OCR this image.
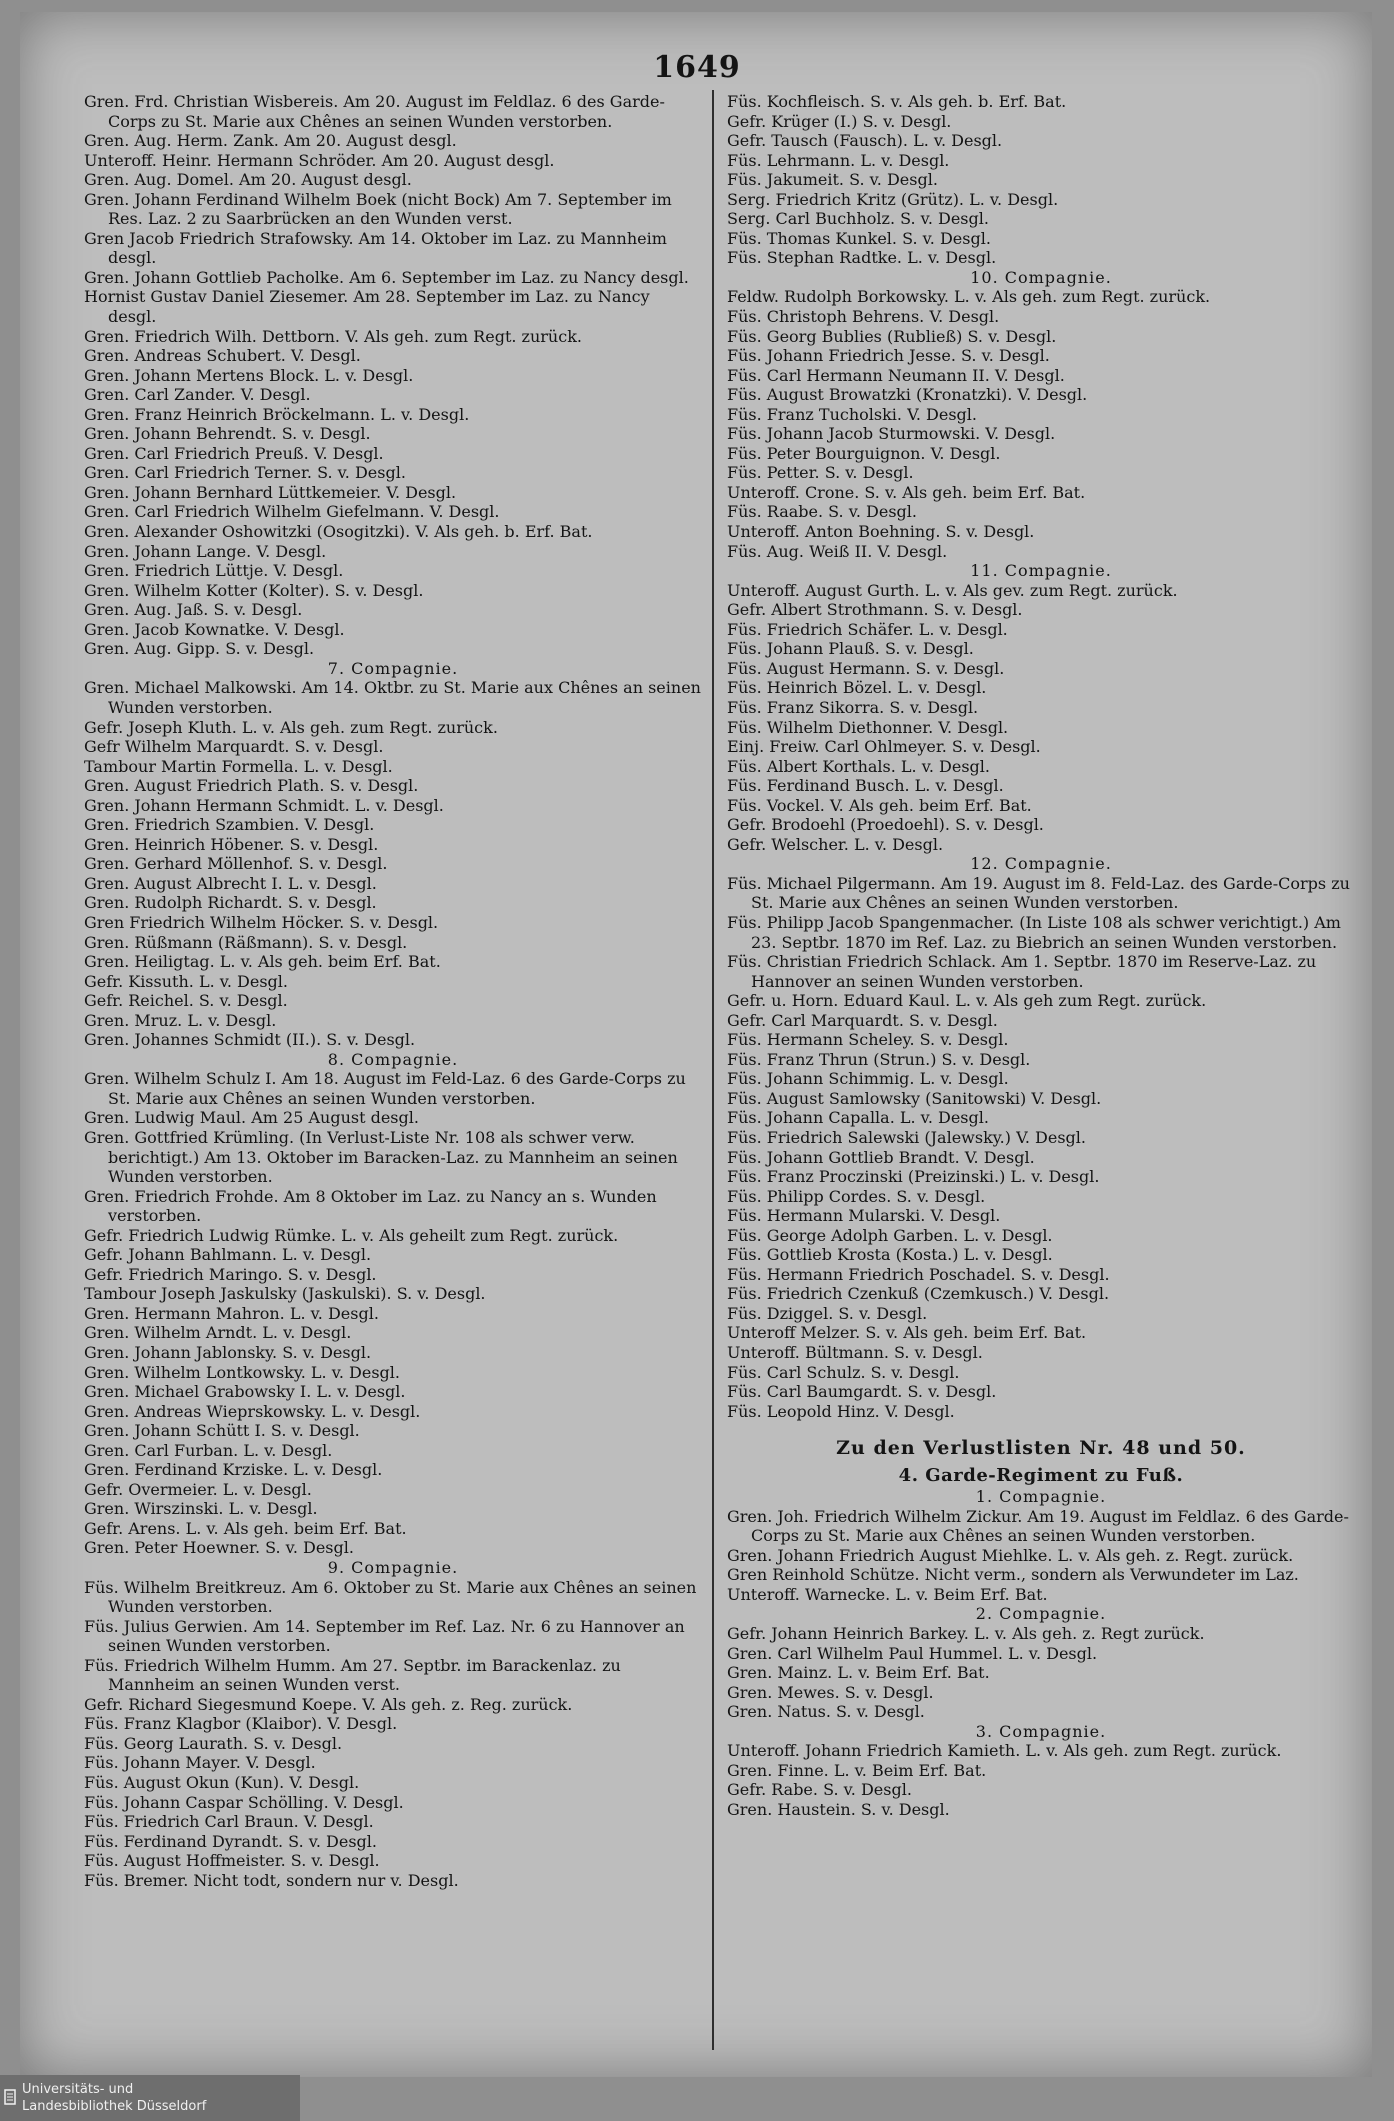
1649
Gren. Frd. Christian Wisbereis. Am 20. August im Feldlaz. 6 des Garde-Corps zu St. Marie aux Chênes an seinen Wunden verstorben.
Gren. Aug. Herm. Zank. Am 20. August desgl.
Unteroff. Heinr. Hermann Schröder. Am 20. August desgl.
Gren. Aug. Domel. Am 20. August desgl.
Gren. Johann Ferdinand Wilhelm Boek (nicht Bock) Am 7. September im Res. Laz. 2 zu Saarbrücken an den Wunden verst.
Gren Jacob Friedrich Strafowsky. Am 14. Oktober im Laz. zu Mannheim desgl.
Gren. Johann Gottlieb Pacholke. Am 6. September im Laz. zu Nancy desgl.
Hornist Gustav Daniel Ziesemer. Am 28. September im Laz. zu Nancy desgl.
Gren. Friedrich Wilh. Dettborn. V. Als geh. zum Regt. zurück.
Gren. Andreas Schubert. V. Desgl.
Gren. Johann Mertens Block. L. v. Desgl.
Gren. Carl Zander. V. Desgl.
Gren. Franz Heinrich Bröckelmann. L. v. Desgl.
Gren. Johann Behrendt. S. v. Desgl.
Gren. Carl Friedrich Preuß. V. Desgl.
Gren. Carl Friedrich Terner. S. v. Desgl.
Gren. Johann Bernhard Lüttkemeier. V. Desgl.
Gren. Carl Friedrich Wilhelm Giefelmann. V. Desgl.
Gren. Alexander Oshowitzki (Osogitzki). V. Als geh. b. Erf. Bat.
Gren. Johann Lange. V. Desgl.
Gren. Friedrich Lüttje. V. Desgl.
Gren. Wilhelm Kotter (Kolter). S. v. Desgl.
Gren. Aug. Jaß. S. v. Desgl.
Gren. Jacob Kownatke. V. Desgl.
Gren. Aug. Gipp. S. v. Desgl.
7. Compagnie.
Gren. Michael Malkowski. Am 14. Oktbr. zu St. Marie aux Chênes an seinen Wunden verstorben.
Gefr. Joseph Kluth. L. v. Als geh. zum Regt. zurück.
Gefr Wilhelm Marquardt. S. v. Desgl.
Tambour Martin Formella. L. v. Desgl.
Gren. August Friedrich Plath. S. v. Desgl.
Gren. Johann Hermann Schmidt. L. v. Desgl.
Gren. Friedrich Szambien. V. Desgl.
Gren. Heinrich Höbener. S. v. Desgl.
Gren. Gerhard Möllenhof. S. v. Desgl.
Gren. August Albrecht I. L. v. Desgl.
Gren. Rudolph Richardt. S. v. Desgl.
Gren Friedrich Wilhelm Höcker. S. v. Desgl.
Gren. Rüßmann (Räßmann). S. v. Desgl.
Gren. Heiligtag. L. v. Als geh. beim Erf. Bat.
Gefr. Kissuth. L. v. Desgl.
Gefr. Reichel. S. v. Desgl.
Gren. Mruz. L. v. Desgl.
Gren. Johannes Schmidt (II.). S. v. Desgl.
8. Compagnie.
Gren. Wilhelm Schulz I. Am 18. August im Feld-Laz. 6 des Garde-Corps zu St. Marie aux Chênes an seinen Wunden verstorben.
Gren. Ludwig Maul. Am 25 August desgl.
Gren. Gottfried Krümling. (In Verlust-Liste Nr. 108 als schwer verw. berichtigt.) Am 13. Oktober im Baracken-Laz. zu Mannheim an seinen Wunden verstorben.
Gren. Friedrich Frohde. Am 8 Oktober im Laz. zu Nancy an s. Wunden verstorben.
Gefr. Friedrich Ludwig Rümke. L. v. Als geheilt zum Regt. zurück.
Gefr. Johann Bahlmann. L. v. Desgl.
Gefr. Friedrich Maringo. S. v. Desgl.
Tambour Joseph Jaskulsky (Jaskulski). S. v. Desgl.
Gren. Hermann Mahron. L. v. Desgl.
Gren. Wilhelm Arndt. L. v. Desgl.
Gren. Johann Jablonsky. S. v. Desgl.
Gren. Wilhelm Lontkowsky. L. v. Desgl.
Gren. Michael Grabowsky I. L. v. Desgl.
Gren. Andreas Wieprskowsky. L. v. Desgl.
Gren. Johann Schütt I. S. v. Desgl.
Gren. Carl Furban. L. v. Desgl.
Gren. Ferdinand Krziske. L. v. Desgl.
Gefr. Overmeier. L. v. Desgl.
Gren. Wirszinski. L. v. Desgl.
Gefr. Arens. L. v. Als geh. beim Erf. Bat.
Gren. Peter Hoewner. S. v. Desgl.
9. Compagnie.
Füs. Wilhelm Breitkreuz. Am 6. Oktober zu St. Marie aux Chênes an seinen Wunden verstorben.
Füs. Julius Gerwien. Am 14. September im Ref. Laz. Nr. 6 zu Hannover an seinen Wunden verstorben.
Füs. Friedrich Wilhelm Humm. Am 27. Septbr. im Barackenlaz. zu Mannheim an seinen Wunden verst.
Gefr. Richard Siegesmund Koepe. V. Als geh. z. Reg. zurück.
Füs. Franz Klagbor (Klaibor). V. Desgl.
Füs. Georg Laurath. S. v. Desgl.
Füs. Johann Mayer. V. Desgl.
Füs. August Okun (Kun). V. Desgl.
Füs. Johann Caspar Schölling. V. Desgl.
Füs. Friedrich Carl Braun. V. Desgl.
Füs. Ferdinand Dyrandt. S. v. Desgl.
Füs. August Hoffmeister. S. v. Desgl.
Füs. Bremer. Nicht todt, sondern nur v. Desgl.
Füs. Kochfleisch. S. v. Als geh. b. Erf. Bat.
Gefr. Krüger (I.) S. v. Desgl.
Gefr. Tausch (Fausch). L. v. Desgl.
Füs. Lehrmann. L. v. Desgl.
Füs. Jakumeit. S. v. Desgl.
Serg. Friedrich Kritz (Grütz). L. v. Desgl.
Serg. Carl Buchholz. S. v. Desgl.
Füs. Thomas Kunkel. S. v. Desgl.
Füs. Stephan Radtke. L. v. Desgl.
10. Compagnie.
Feldw. Rudolph Borkowsky. L. v. Als geh. zum Regt. zurück.
Füs. Christoph Behrens. V. Desgl.
Füs. Georg Bublies (Rubließ) S. v. Desgl.
Füs. Johann Friedrich Jesse. S. v. Desgl.
Füs. Carl Hermann Neumann II. V. Desgl.
Füs. August Browatzki (Kronatzki). V. Desgl.
Füs. Franz Tucholski. V. Desgl.
Füs. Johann Jacob Sturmowski. V. Desgl.
Füs. Peter Bourguignon. V. Desgl.
Füs. Petter. S. v. Desgl.
Unteroff. Crone. S. v. Als geh. beim Erf. Bat.
Füs. Raabe. S. v. Desgl.
Unteroff. Anton Boehning. S. v. Desgl.
Füs. Aug. Weiß II. V. Desgl.
11. Compagnie.
Unteroff. August Gurth. L. v. Als gev. zum Regt. zurück.
Gefr. Albert Strothmann. S. v. Desgl.
Füs. Friedrich Schäfer. L. v. Desgl.
Füs. Johann Plauß. S. v. Desgl.
Füs. August Hermann. S. v. Desgl.
Füs. Heinrich Bözel. L. v. Desgl.
Füs. Franz Sikorra. S. v. Desgl.
Füs. Wilhelm Diethonner. V. Desgl.
Einj. Freiw. Carl Ohlmeyer. S. v. Desgl.
Füs. Albert Korthals. L. v. Desgl.
Füs. Ferdinand Busch. L. v. Desgl.
Füs. Vockel. V. Als geh. beim Erf. Bat.
Gefr. Brodoehl (Proedoehl). S. v. Desgl.
Gefr. Welscher. L. v. Desgl.
12. Compagnie.
Füs. Michael Pilgermann. Am 19. August im 8. Feld-Laz. des Garde-Corps zu St. Marie aux Chênes an seinen Wunden verstorben.
Füs. Philipp Jacob Spangenmacher. (In Liste 108 als schwer verichtigt.) Am 23. Septbr. 1870 im Ref. Laz. zu Biebrich an seinen Wunden verstorben.
Füs. Christian Friedrich Schlack. Am 1. Septbr. 1870 im Reserve-Laz. zu Hannover an seinen Wunden verstorben.
Gefr. u. Horn. Eduard Kaul. L. v. Als geh zum Regt. zurück.
Gefr. Carl Marquardt. S. v. Desgl.
Füs. Hermann Scheley. S. v. Desgl.
Füs. Franz Thrun (Strun.) S. v. Desgl.
Füs. Johann Schimmig. L. v. Desgl.
Füs. August Samlowsky (Sanitowski) V. Desgl.
Füs. Johann Capalla. L. v. Desgl.
Füs. Friedrich Salewski (Jalewsky.) V. Desgl.
Füs. Johann Gottlieb Brandt. V. Desgl.
Füs. Franz Proczinski (Preizinski.) L. v. Desgl.
Füs. Philipp Cordes. S. v. Desgl.
Füs. Hermann Mularski. V. Desgl.
Füs. George Adolph Garben. L. v. Desgl.
Füs. Gottlieb Krosta (Kosta.) L. v. Desgl.
Füs. Hermann Friedrich Poschadel. S. v. Desgl.
Füs. Friedrich Czenkuß (Czemkusch.) V. Desgl.
Füs. Dziggel. S. v. Desgl.
Unteroff Melzer. S. v. Als geh. beim Erf. Bat.
Unteroff. Bültmann. S. v. Desgl.
Füs. Carl Schulz. S. v. Desgl.
Füs. Carl Baumgardt. S. v. Desgl.
Füs. Leopold Hinz. V. Desgl.
Zu den Verlustlisten Nr. 48 und 50.
4. Garde-Regiment zu Fuß.
1. Compagnie.
Gren. Joh. Friedrich Wilhelm Zickur. Am 19. August im Feldlaz. 6 des Garde-Corps zu St. Marie aux Chênes an seinen Wunden verstorben.
Gren. Johann Friedrich August Miehlke. L. v. Als geh. z. Regt. zurück.
Gren Reinhold Schütze. Nicht verm., sondern als Verwundeter im Laz.
Unteroff. Warnecke. L. v. Beim Erf. Bat.
2. Compagnie.
Gefr. Johann Heinrich Barkey. L. v. Als geh. z. Regt zurück.
Gren. Carl Wilhelm Paul Hummel. L. v. Desgl.
Gren. Mainz. L. v. Beim Erf. Bat.
Gren. Mewes. S. v. Desgl.
Gren. Natus. S. v. Desgl.
3. Compagnie.
Unteroff. Johann Friedrich Kamieth. L. v. Als geh. zum Regt. zurück.
Gren. Finne. L. v. Beim Erf. Bat.
Gefr. Rabe. S. v. Desgl.
Gren. Haustein. S. v. Desgl.
Universitäts- und
Landesbibliothek Düsseldorf
